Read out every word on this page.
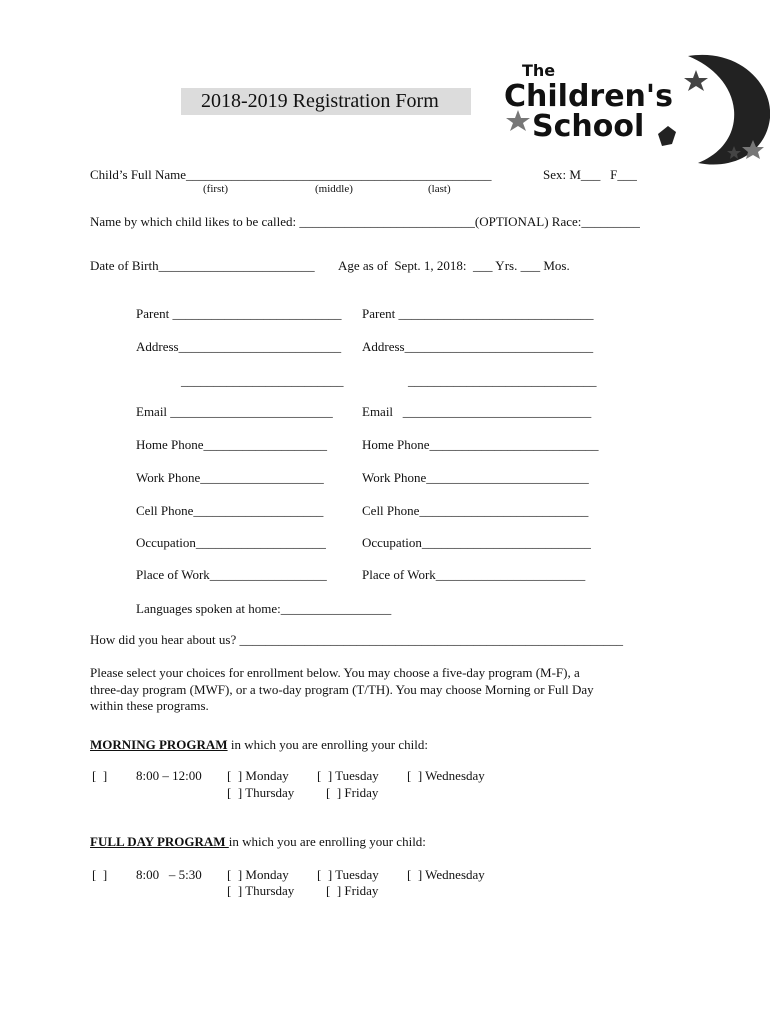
2018-2019 Registration Form
The
Children's
School
Child’s Full Name_______________________________________________	Sex: M___   F___
(first)	(middle)	(last)
Name by which child likes to be called: ___________________________(OPTIONAL) Race:_________
Date of Birth________________________ Age as of  Sept. 1, 2018:  ___ Yrs. ___ Mos.
Parent __________________________ Parent ______________________________
Address_________________________ Address_____________________________
_________________________	_____________________________
Email _________________________ Email   _____________________________
Home Phone___________________	Home Phone__________________________
Work Phone___________________	Work Phone_________________________
Cell Phone____________________	Cell Phone__________________________
Occupation____________________	Occupation__________________________
Place of Work__________________	Place of Work_______________________
Languages spoken at home:_________________
How did you hear about us? ___________________________________________________________
Please select your choices for enrollment below. You may choose a five-day program (M-F), a three-day program (MWF), or a two-day program (T/TH). You may choose Morning or Full Day within these programs.
MORNING PROGRAM in which you are enrolling your child:
[  ] 8:00 – 12:00 [  ] Monday [  ] Tuesday [  ] Wednesday
[  ] Thursday [  ] Friday
FULL DAY PROGRAM in which you are enrolling your child:
[  ] 8:00   – 5:30 [  ] Monday [  ] Tuesday [  ] Wednesday
[  ] Thursday [  ] Friday
